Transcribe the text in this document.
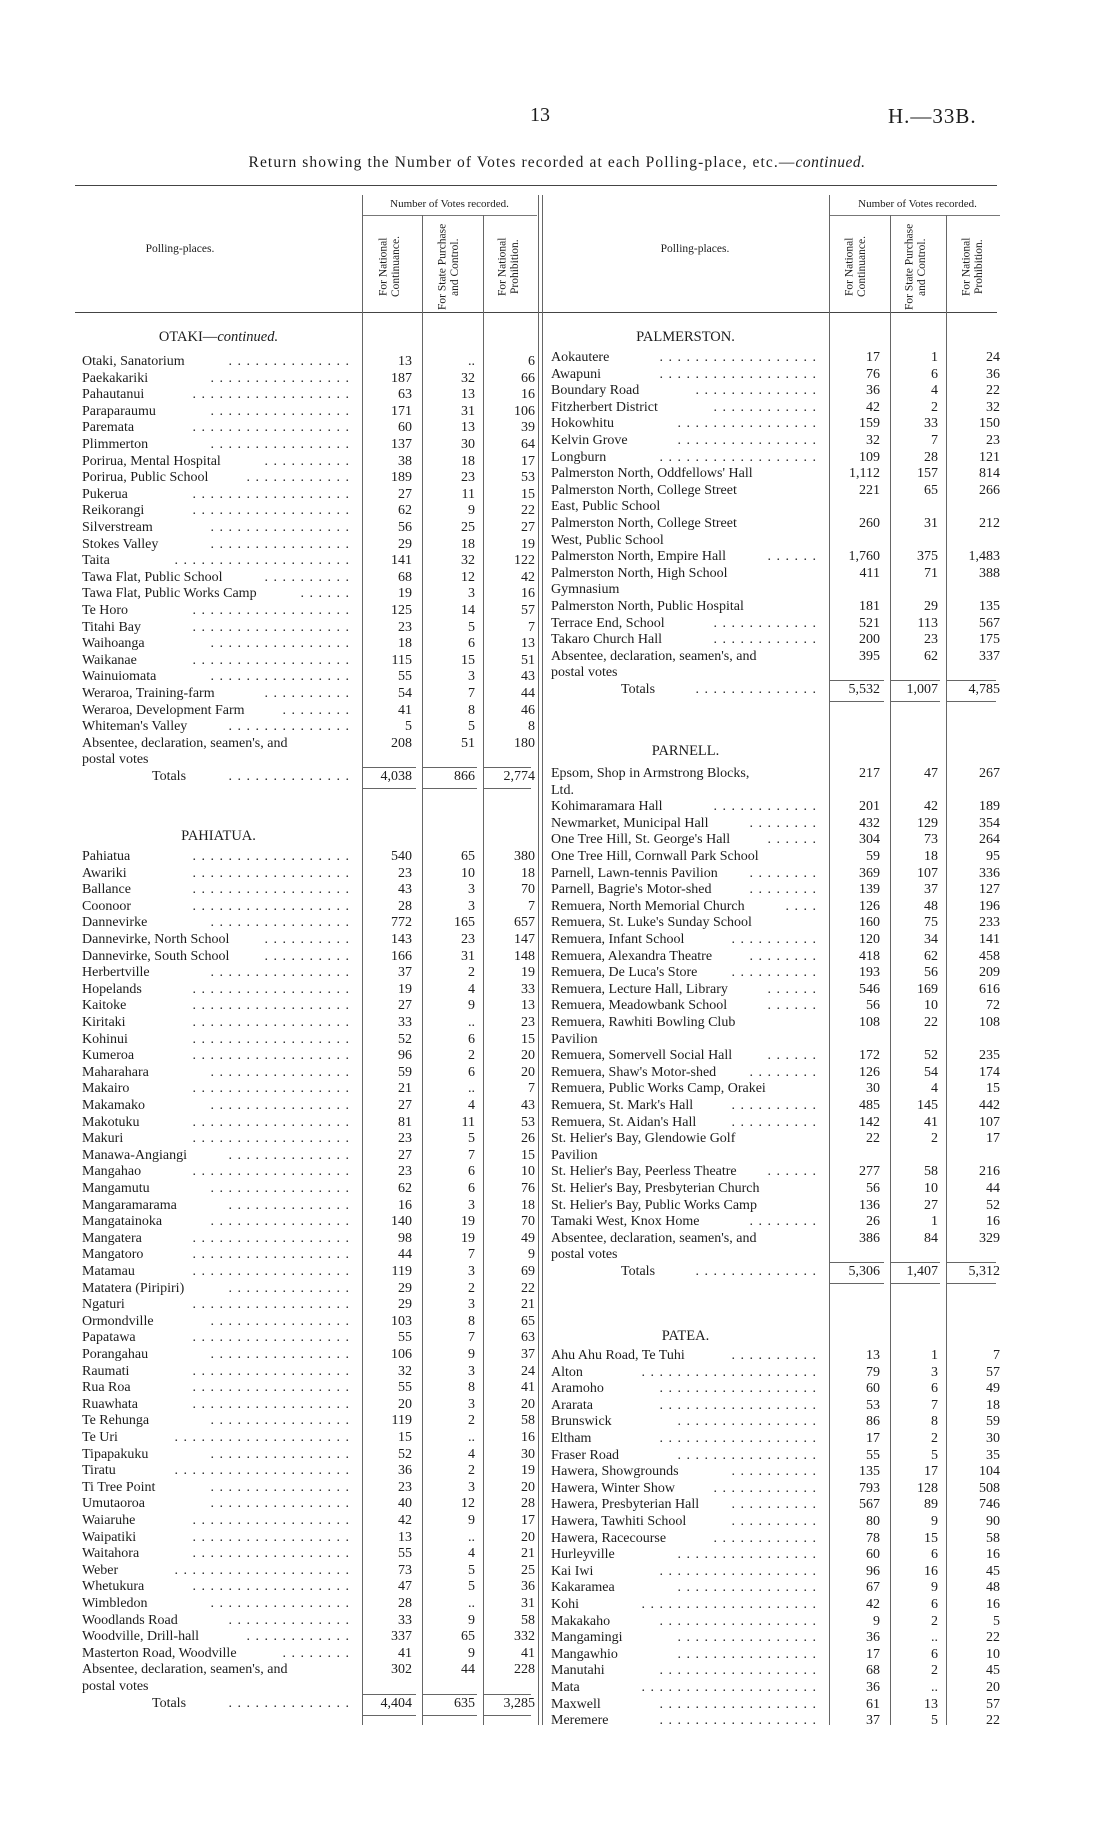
13	H.—33B.
Return showing the Number of Votes recorded at each Polling-place, etc.—continued.
Polling-places.
Number of Votes recorded.
For National Continuance.	For State Purchase and Control.	For National Prohibition.	Polling-places.
Number of Votes recorded.
For National Continuance.	For State Purchase and Control.	For National Prohibition.
OTAKI—continued.
Otaki, Sanatorium	. . . . . . . . . . . . . .	13	..	6
Paekakariki	. . . . . . . . . . . . . . . .	187	32	66
Pahautanui	. . . . . . . . . . . . . . . . . .	63	13	16
Paraparaumu	. . . . . . . . . . . . . . . .	171	31	106
Paremata	. . . . . . . . . . . . . . . . . .	60	13	39
Plimmerton	. . . . . . . . . . . . . . . .	137	30	64
Porirua, Mental Hospital	. . . . . . . . . .	38	18	17
Porirua, Public School	. . . . . . . . . . . .	189	23	53
Pukerua	. . . . . . . . . . . . . . . . . .	27	11	15
Reikorangi	. . . . . . . . . . . . . . . . . .	62	9	22
Silverstream	. . . . . . . . . . . . . . . .	56	25	27
Stokes Valley	. . . . . . . . . . . . . . . .	29	18	19
Taita	. . . . . . . . . . . . . . . . . . . .	141	32	122
Tawa Flat, Public School	. . . . . . . . . .	68	12	42
Tawa Flat, Public Works Camp	. . . . . .	19	3	16
Te Horo	. . . . . . . . . . . . . . . . . .	125	14	57
Titahi Bay	. . . . . . . . . . . . . . . . . .	23	5	7
Waihoanga	. . . . . . . . . . . . . . . .	18	6	13
Waikanae	. . . . . . . . . . . . . . . . . .	115	15	51
Wainuiomata	. . . . . . . . . . . . . . . .	55	3	43
Weraroa, Training-farm	. . . . . . . . . .	54	7	44
Weraroa, Development Farm	. . . . . . . .	41	8	46
Whiteman's Valley	. . . . . . . . . . . . . .	5	5	8
Absentee, declaration, seamen's, and	208	51	180
postal votes
Totals	. . . . . . . . . . . . . .	4,038	866	2,774
PAHIATUA.
Pahiatua	. . . . . . . . . . . . . . . . . .	540	65	380
Awariki	. . . . . . . . . . . . . . . . . .	23	10	18
Ballance	. . . . . . . . . . . . . . . . . .	43	3	70
Coonoor	. . . . . . . . . . . . . . . . . .	28	3	7
Dannevirke	. . . . . . . . . . . . . . . .	772	165	657
Dannevirke, North School	. . . . . . . . . .	143	23	147
Dannevirke, South School	. . . . . . . . . .	166	31	148
Herbertville	. . . . . . . . . . . . . . . .	37	2	19
Hopelands	. . . . . . . . . . . . . . . . . .	19	4	33
Kaitoke	. . . . . . . . . . . . . . . . . .	27	9	13
Kiritaki	. . . . . . . . . . . . . . . . . .	33	..	23
Kohinui	. . . . . . . . . . . . . . . . . .	52	6	15
Kumeroa	. . . . . . . . . . . . . . . . . .	96	2	20
Maharahara	. . . . . . . . . . . . . . . .	59	6	20
Makairo	. . . . . . . . . . . . . . . . . .	21	..	7
Makamako	. . . . . . . . . . . . . . . .	27	4	43
Makotuku	. . . . . . . . . . . . . . . . . .	81	11	53
Makuri	. . . . . . . . . . . . . . . . . .	23	5	26
Manawa-Angiangi	. . . . . . . . . . . . . .	27	7	15
Mangahao	. . . . . . . . . . . . . . . . . .	23	6	10
Mangamutu	. . . . . . . . . . . . . . . .	62	6	76
Mangaramarama	. . . . . . . . . . . . . .	16	3	18
Mangatainoka	. . . . . . . . . . . . . . . .	140	19	70
Mangatera	. . . . . . . . . . . . . . . . . .	98	19	49
Mangatoro	. . . . . . . . . . . . . . . . . .	44	7	9
Matamau	. . . . . . . . . . . . . . . . . .	119	3	69
Matatera (Piripiri)	. . . . . . . . . . . . . .	29	2	22
Ngaturi	. . . . . . . . . . . . . . . . . .	29	3	21
Ormondville	. . . . . . . . . . . . . . . .	103	8	65
Papatawa	. . . . . . . . . . . . . . . . . .	55	7	63
Porangahau	. . . . . . . . . . . . . . . .	106	9	37
Raumati	. . . . . . . . . . . . . . . . . .	32	3	24
Rua Roa	. . . . . . . . . . . . . . . . . .	55	8	41
Ruawhata	. . . . . . . . . . . . . . . . . .	20	3	20
Te Rehunga	. . . . . . . . . . . . . . . .	119	2	58
Te Uri	. . . . . . . . . . . . . . . . . . . .	15	..	16
Tipapakuku	. . . . . . . . . . . . . . . .	52	4	30
Tiratu	. . . . . . . . . . . . . . . . . . . .	36	2	19
Ti Tree Point	. . . . . . . . . . . . . . . .	23	3	20
Umutaoroa	. . . . . . . . . . . . . . . .	40	12	28
Waiaruhe	. . . . . . . . . . . . . . . . . .	42	9	17
Waipatiki	. . . . . . . . . . . . . . . . . .	13	..	20
Waitahora	. . . . . . . . . . . . . . . . . .	55	4	21
Weber	. . . . . . . . . . . . . . . . . . . .	73	5	25
Whetukura	. . . . . . . . . . . . . . . . . .	47	5	36
Wimbledon	. . . . . . . . . . . . . . . .	28	..	31
Woodlands Road	. . . . . . . . . . . . . .	33	9	58
Woodville, Drill-hall	. . . . . . . . . . . .	337	65	332
Masterton Road, Woodville	. . . . . . . .	41	9	41
Absentee, declaration, seamen's, and	302	44	228
postal votes
Totals	. . . . . . . . . . . . . .	4,404	635	3,285
PALMERSTON.
Aokautere	. . . . . . . . . . . . . . . . . .	17	1	24
Awapuni	. . . . . . . . . . . . . . . . . .	76	6	36
Boundary Road	. . . . . . . . . . . . . .	36	4	22
Fitzherbert District	. . . . . . . . . . . .	42	2	32
Hokowhitu	. . . . . . . . . . . . . . . .	159	33	150
Kelvin Grove	. . . . . . . . . . . . . . . .	32	7	23
Longburn	. . . . . . . . . . . . . . . . . .	109	28	121
Palmerston North, Oddfellows' Hall	1,112	157	814
Palmerston North, College Street	221	65	266
East, Public School
Palmerston North, College Street	260	31	212
West, Public School
Palmerston North, Empire Hall	. . . . . .	1,760	375	1,483
Palmerston North, High School	411	71	388
Gymnasium
Palmerston North, Public Hospital	181	29	135
Terrace End, School	. . . . . . . . . . . .	521	113	567
Takaro Church Hall	. . . . . . . . . . . .	200	23	175
Absentee, declaration, seamen's, and	395	62	337
postal votes
Totals	. . . . . . . . . . . . . .	5,532	1,007	4,785
PARNELL.
Epsom, Shop in Armstrong Blocks,	217	47	267
Ltd.
Kohimaramara Hall	. . . . . . . . . . . .	201	42	189
Newmarket, Municipal Hall	. . . . . . . .	432	129	354
One Tree Hill, St. George's Hall	. . . . . .	304	73	264
One Tree Hill, Cornwall Park School	59	18	95
Parnell, Lawn-tennis Pavilion	. . . . . . . .	369	107	336
Parnell, Bagrie's Motor-shed	. . . . . . . .	139	37	127
Remuera, North Memorial Church	. . . .	126	48	196
Remuera, St. Luke's Sunday School	160	75	233
Remuera, Infant School	. . . . . . . . . .	120	34	141
Remuera, Alexandra Theatre	. . . . . . . .	418	62	458
Remuera, De Luca's Store	. . . . . . . . . .	193	56	209
Remuera, Lecture Hall, Library	. . . . . .	546	169	616
Remuera, Meadowbank School	. . . . . .	56	10	72
Remuera, Rawhiti Bowling Club	108	22	108
Pavilion
Remuera, Somervell Social Hall	. . . . . .	172	52	235
Remuera, Shaw's Motor-shed	. . . . . . . .	126	54	174
Remuera, Public Works Camp, Orakei	30	4	15
Remuera, St. Mark's Hall	. . . . . . . . . .	485	145	442
Remuera, St. Aidan's Hall	. . . . . . . . . .	142	41	107
St. Helier's Bay, Glendowie Golf	22	2	17
Pavilion
St. Helier's Bay, Peerless Theatre	. . . . . .	277	58	216
St. Helier's Bay, Presbyterian Church	56	10	44
St. Helier's Bay, Public Works Camp	136	27	52
Tamaki West, Knox Home	. . . . . . . .	26	1	16
Absentee, declaration, seamen's, and	386	84	329
postal votes
Totals	. . . . . . . . . . . . . .	5,306	1,407	5,312
PATEA.
Ahu Ahu Road, Te Tuhi	. . . . . . . . . .	13	1	7
Alton	. . . . . . . . . . . . . . . . . . . .	79	3	57
Aramoho	. . . . . . . . . . . . . . . . . .	60	6	49
Ararata	. . . . . . . . . . . . . . . . . .	53	7	18
Brunswick	. . . . . . . . . . . . . . . .	86	8	59
Eltham	. . . . . . . . . . . . . . . . . .	17	2	30
Fraser Road	. . . . . . . . . . . . . . . .	55	5	35
Hawera, Showgrounds	. . . . . . . . . .	135	17	104
Hawera, Winter Show	. . . . . . . . . . . .	793	128	508
Hawera, Presbyterian Hall	. . . . . . . . . .	567	89	746
Hawera, Tawhiti School	. . . . . . . . . .	80	9	90
Hawera, Racecourse	. . . . . . . . . . . .	78	15	58
Hurleyville	. . . . . . . . . . . . . . . .	60	6	16
Kai Iwi	. . . . . . . . . . . . . . . . . .	96	16	45
Kakaramea	. . . . . . . . . . . . . . . .	67	9	48
Kohi	. . . . . . . . . . . . . . . . . . . .	42	6	16
Makakaho	. . . . . . . . . . . . . . . . . .	9	2	5
Mangamingi	. . . . . . . . . . . . . . . .	36	..	22
Mangawhio	. . . . . . . . . . . . . . . .	17	6	10
Manutahi	. . . . . . . . . . . . . . . . . .	68	2	45
Mata	. . . . . . . . . . . . . . . . . . . .	36	..	20
Maxwell	. . . . . . . . . . . . . . . . . .	61	13	57
Meremere	. . . . . . . . . . . . . . . . . .	37	5	22
